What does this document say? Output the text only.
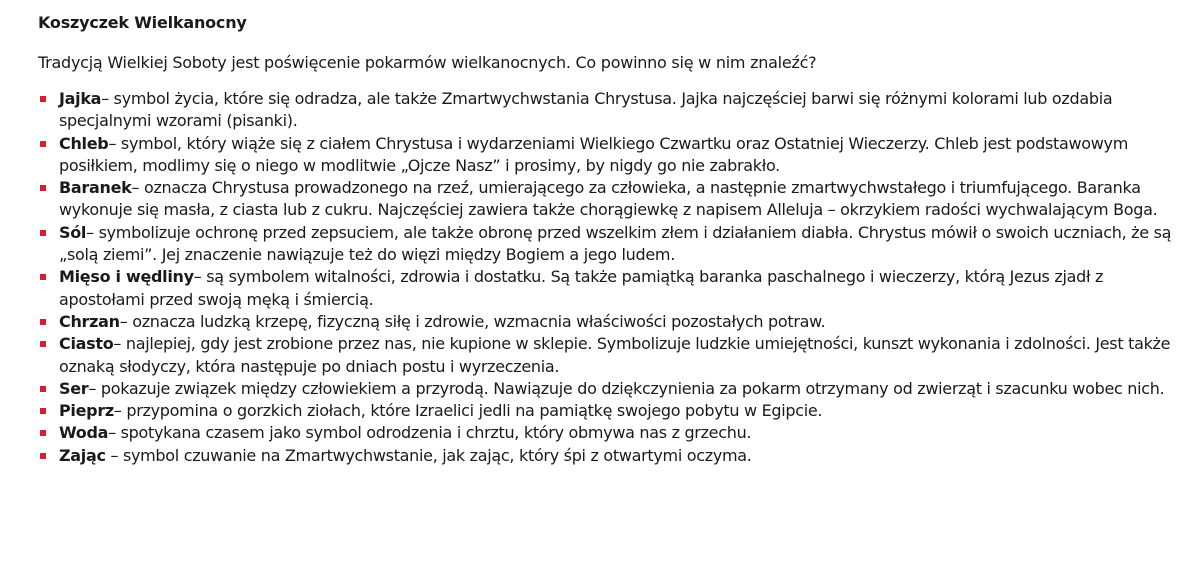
Koszyczek Wielkanocny

Tradycją Wielkiej Soboty jest poświęcenie pokarmów wielkanocnych. Co powinno się w nim znaleźć?

Jajka– symbol życia, które się odradza, ale także Zmartwychwstania Chrystusa. Jajka najczęściej barwi się różnymi kolorami lub ozdabia specjalnymi wzorami (pisanki).
Chleb– symbol, który wiąże się z ciałem Chrystusa i wydarzeniami Wielkiego Czwartku oraz Ostatniej Wieczerzy. Chleb jest podstawowym posiłkiem, modlimy się o niego w modlitwie „Ojcze Nasz” i prosimy, by nigdy go nie zabrakło.
Baranek– oznacza Chrystusa prowadzonego na rzeź, umierającego za człowieka, a następnie zmartwychwstałego i triumfującego. Baranka wykonuje się masła, z ciasta lub z cukru. Najczęściej zawiera także chorągiewkę z napisem Alleluja – okrzykiem radości wychwalającym Boga.
Sól– symbolizuje ochronę przed zepsuciem, ale także obronę przed wszelkim złem i działaniem diabła. Chrystus mówił o swoich uczniach, że są „solą ziemi”. Jej znaczenie nawiązuje też do więzi między Bogiem a jego ludem.
Mięso i wędliny– są symbolem witalności, zdrowia i dostatku. Są także pamiątką baranka paschalnego i wieczerzy, którą Jezus zjadł z apostołami przed swoją męką i śmiercią.
Chrzan– oznacza ludzką krzepę, fizyczną siłę i zdrowie, wzmacnia właściwości pozostałych potraw.
Ciasto– najlepiej, gdy jest zrobione przez nas, nie kupione w sklepie. Symbolizuje ludzkie umiejętności, kunszt wykonania i zdolności. Jest także oznaką słodyczy, która następuje po dniach postu i wyrzeczenia.
Ser– pokazuje związek między człowiekiem a przyrodą. Nawiązuje do dziękczynienia za pokarm otrzymany od zwierząt i szacunku wobec nich.
Pieprz– przypomina o gorzkich ziołach, które Izraelici jedli na pamiątkę swojego pobytu w Egipcie.
Woda– spotykana czasem jako symbol odrodzenia i chrztu, który obmywa nas z grzechu.
Zając – symbol czuwanie na Zmartwychwstanie, jak zając, który śpi z otwartymi oczyma.
